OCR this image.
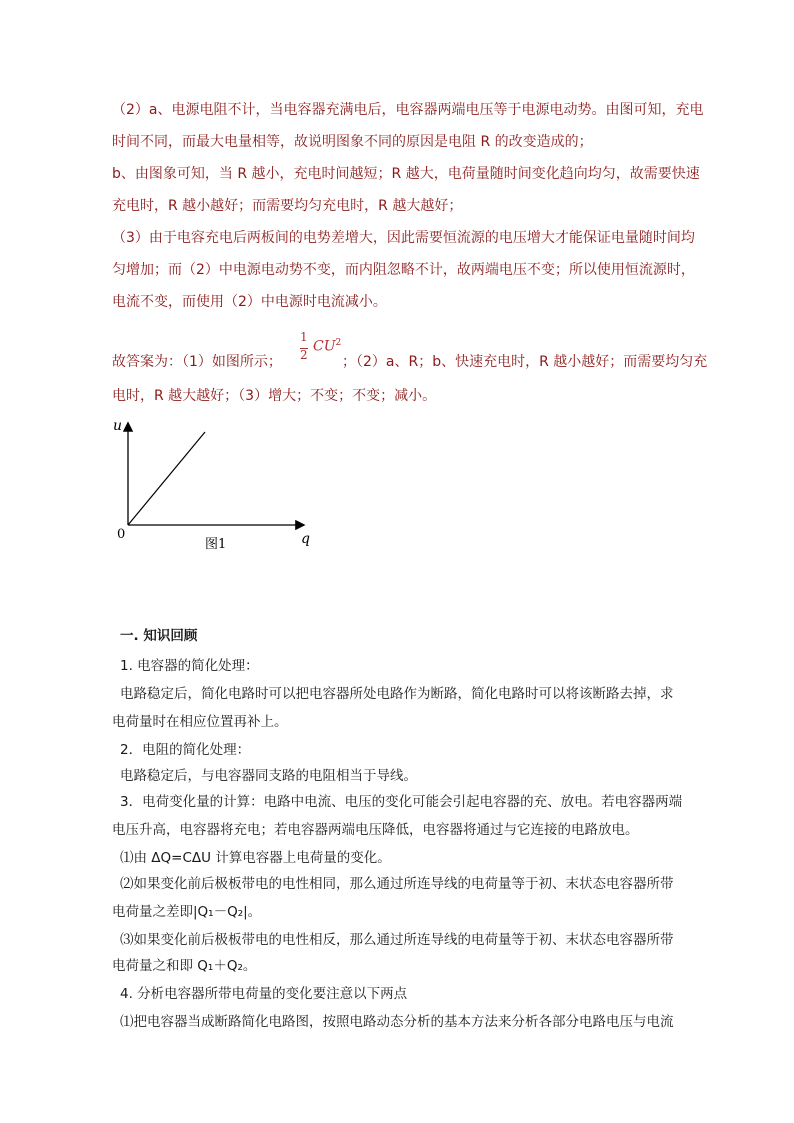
（2）a、电源电阻不计，当电容器充满电后，电容器两端电压等于电源电动势。由图可知，充电
时间不同，而最大电量相等，故说明图象不同的原因是电阻 R 的改变造成的；
b、由图象可知，当 R 越小，充电时间越短；R 越大，电荷量随时间变化趋向均匀，故需要快速
充电时，R 越小越好；而需要均匀充电时，R 越大越好；
（3）由于电容充电后两板间的电势差增大，因此需要恒流源的电压增大才能保证电量随时间均
匀增加；而（2）中电源电动势不变，而内阻忽略不计，故两端电压不变；所以使用恒流源时，
电流不变，而使用（2）中电源时电流减小。
故答案为：（1）如图所示；
1
2
$CU^2$
；（2）a、R；b、快速充电时，R 越小越好；而需要均匀充
电时，R 越大越好；（3）增大；不变；不变；减小。
u
q
0
图1
一. 知识回顾
1. 电容器的简化处理：
电路稳定后，简化电路时可以把电容器所处电路作为断路，简化电路时可以将该断路去掉，求
电荷量时在相应位置再补上。
2．电阻的简化处理：
电路稳定后，与电容器同支路的电阻相当于导线。
3．电荷变化量的计算：电路中电流、电压的变化可能会引起电容器的充、放电。若电容器两端
电压升高，电容器将充电；若电容器两端电压降低，电容器将通过与它连接的电路放电。
⑴由 ΔQ=CΔU 计算电容器上电荷量的变化。
⑵如果变化前后极板带电的电性相同，那么通过所连导线的电荷量等于初、末状态电容器所带
电荷量之差即|Q₁－Q₂|。
⑶如果变化前后极板带电的电性相反，那么通过所连导线的电荷量等于初、末状态电容器所带
电荷量之和即 Q₁＋Q₂。
4. 分析电容器所带电荷量的变化要注意以下两点
⑴把电容器当成断路简化电路图，按照电路动态分析的基本方法来分析各部分电路电压与电流
